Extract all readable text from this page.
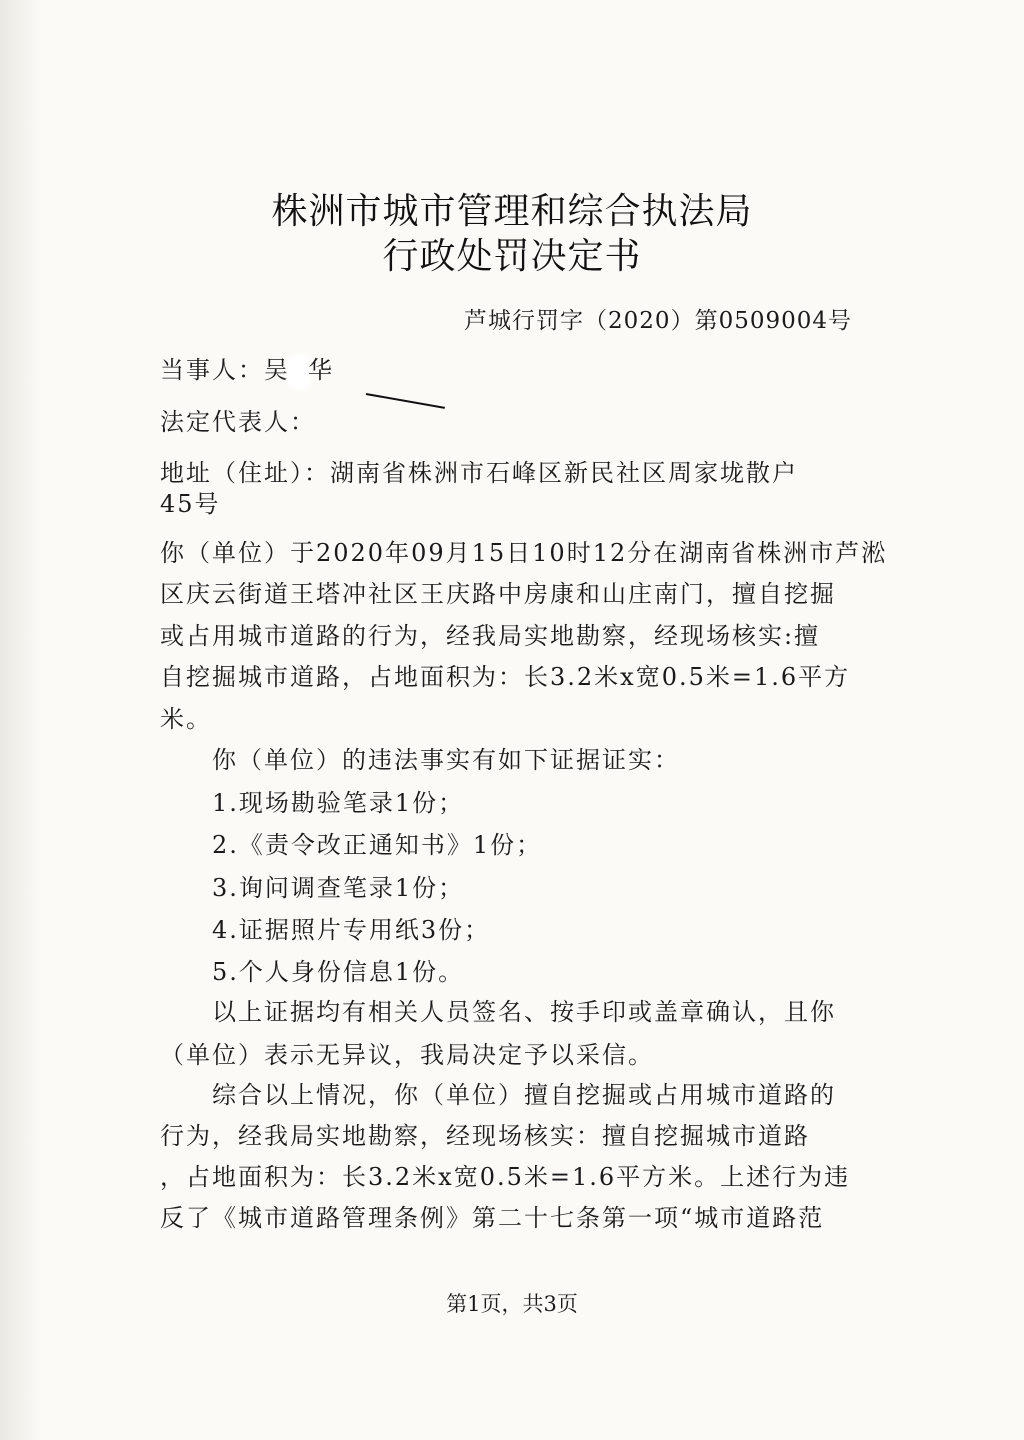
株洲市城市管理和综合执法局
行政处罚决定书
芦城行罚字（2020）第0509004号
当事人：吴 华
法定代表人：
地址（住址）：湖南省株洲市石峰区新民社区周家垅散户
45号
你（单位）于2020年09月15日10时12分在湖南省株洲市芦淞
区庆云街道王塔冲社区王庆路中房康和山庄南门，擅自挖掘
或占用城市道路的行为，经我局实地勘察，经现场核实:擅
自挖掘城市道路，占地面积为：长3.2米x宽0.5米=1.6平方
米。
你（单位）的违法事实有如下证据证实：
1.现场勘验笔录1份；
2.《责令改正通知书》1份；
3.询问调查笔录1份；
4.证据照片专用纸3份；
5.个人身份信息1份。
以上证据均有相关人员签名、按手印或盖章确认，且你
（单位）表示无异议，我局决定予以采信。
综合以上情况，你（单位）擅自挖掘或占用城市道路的
行为，经我局实地勘察，经现场核实：擅自挖掘城市道路
，占地面积为：长3.2米x宽0.5米=1.6平方米。上述行为违
反了《城市道路管理条例》第二十七条第一项“城市道路范
第1页，共3页
